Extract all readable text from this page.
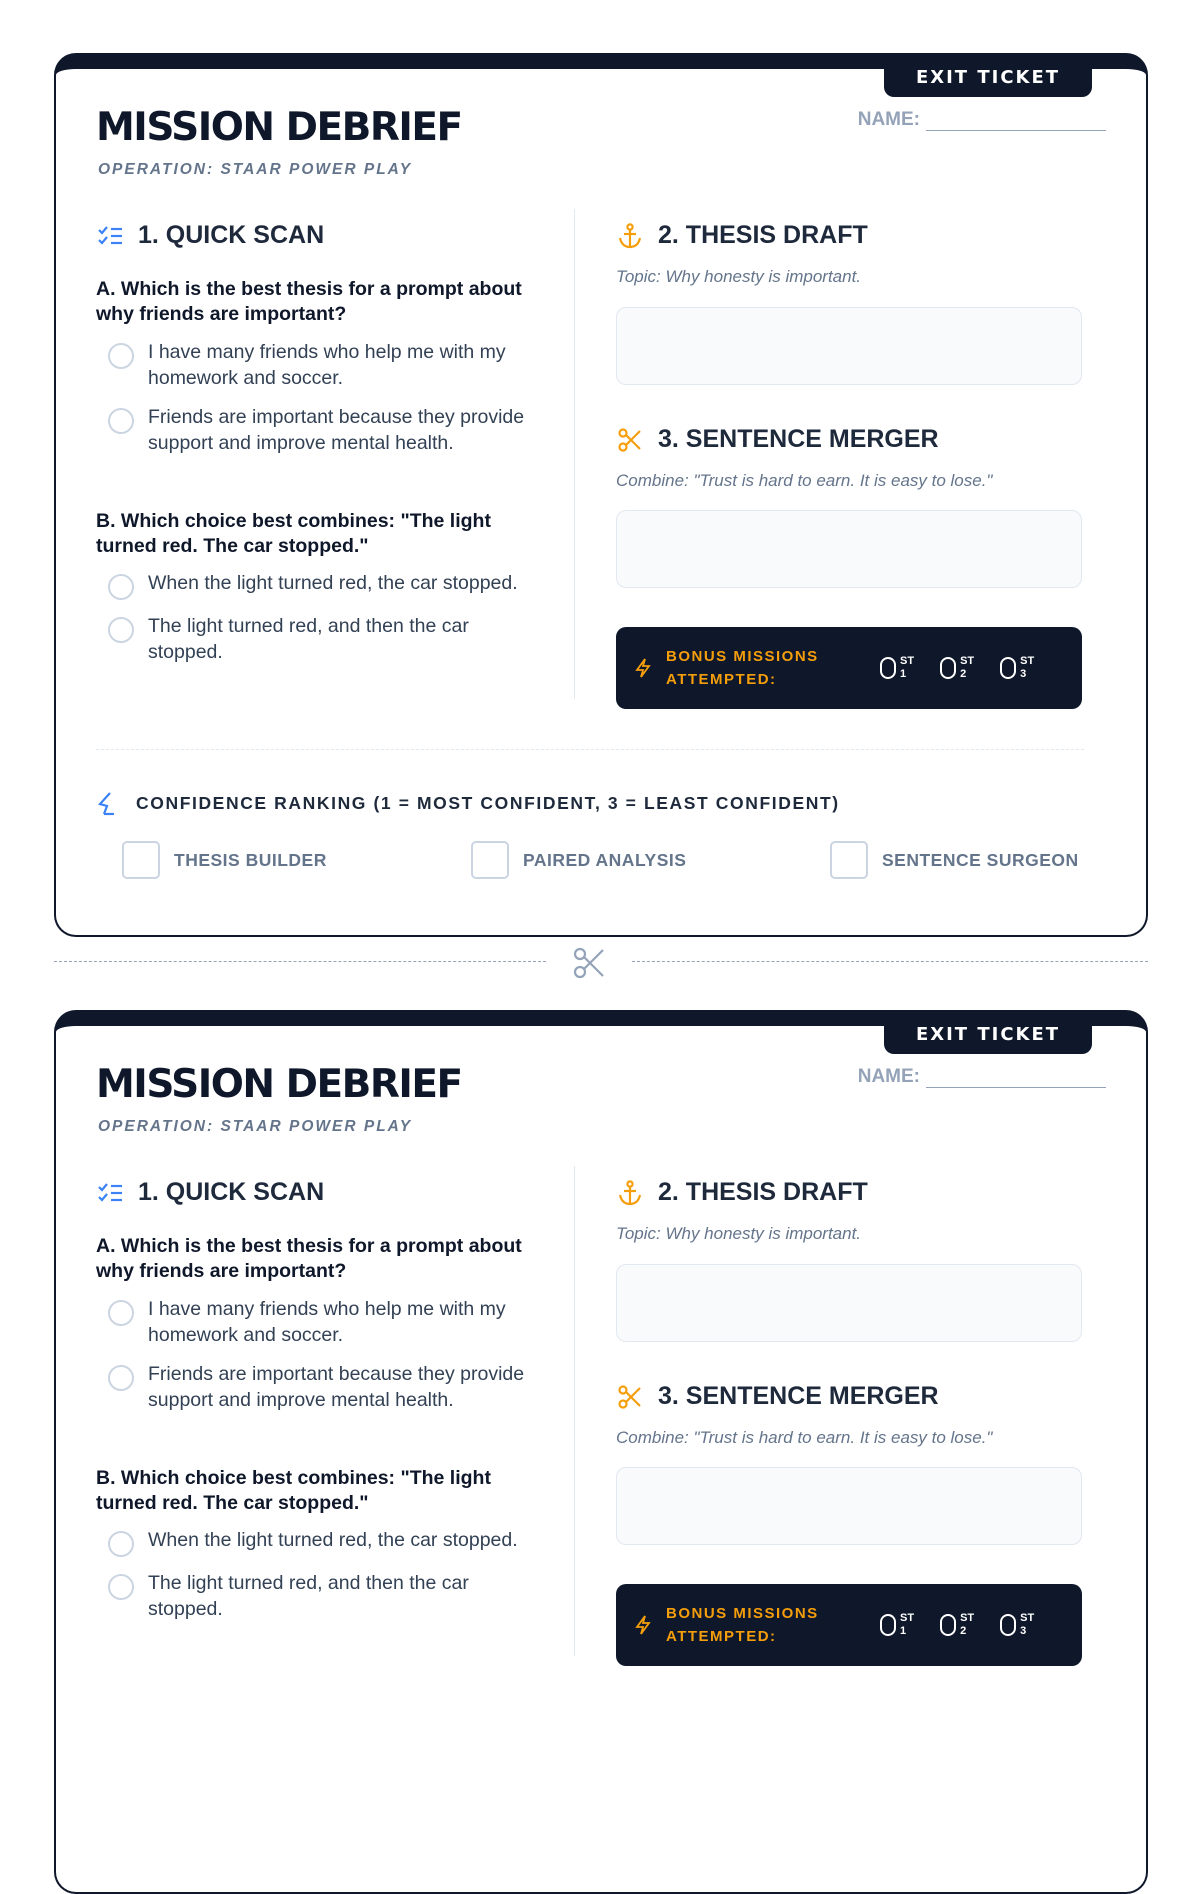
EXIT TICKET
NAME:
MISSION DEBRIEF
OPERATION: STAAR POWER PLAY
1. QUICK SCAN
A. Which is the best thesis for a prompt about why friends are important?
I have many friends who help me with my homework and soccer.
Friends are important because they provide support and improve mental health.
B. Which choice best combines: "The light turned red. The car stopped."
When the light turned red, the car stopped.
The light turned red, and then the car stopped.
2. THESIS DRAFT
Topic: Why honesty is important.
3. SENTENCE MERGER
Combine: "Trust is hard to earn. It is easy to lose."
BONUS MISSIONS
ATTEMPTED:
ST
1
ST
2
ST
3
CONFIDENCE RANKING (1 = MOST CONFIDENT, 3 = LEAST CONFIDENT)
THESIS BUILDER	PAIRED ANALYSIS	SENTENCE SURGEON
EXIT TICKET
NAME:
MISSION DEBRIEF
OPERATION: STAAR POWER PLAY
1. QUICK SCAN
A. Which is the best thesis for a prompt about why friends are important?
I have many friends who help me with my homework and soccer.
Friends are important because they provide support and improve mental health.
B. Which choice best combines: "The light turned red. The car stopped."
When the light turned red, the car stopped.
The light turned red, and then the car stopped.
2. THESIS DRAFT
Topic: Why honesty is important.
3. SENTENCE MERGER
Combine: "Trust is hard to earn. It is easy to lose."
BONUS MISSIONS
ATTEMPTED:
ST
1
ST
2
ST
3
